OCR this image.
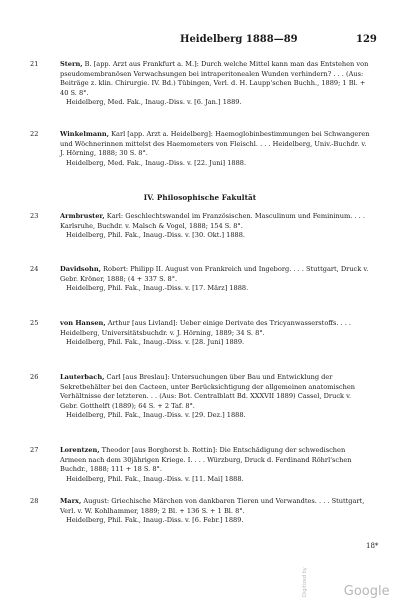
Heidelberg 1888—89	129
21	Stern, B. [app. Arzt aus Frankfurt a. M.]: Durch welche Mittel kann man das Entstehen von pseudomembranösen Verwachsungen bei intraperitonealen Wunden verhindern? . . . (Aus: Beiträge z. klin. Chirurgie. IV. Bd.) Tübingen, Verl. d. H. Laupp'schen Buchh., 1889; 1 Bl. + 40 S. 8°.
Heidelberg, Med. Fak., Inaug.-Diss. v. [6. Jan.] 1889.
22	Winkelmann, Karl [app. Arzt a. Heidelberg]: Haemoglobinbestimmungen bei Schwangeren und Wöchnerinnen mittelst des Haemometers von Fleischl. . . . Heidelberg, Univ.-Buchdr. v. J. Hörning, 1888; 30 S. 8°.
Heidelberg, Med. Fak., Inaug.-Diss. v. [22. Juni] 1888.
IV. Philosophische Fakultät
23	Armbruster, Karl: Geschlechtswandel im Französischen. Masculinum und Femininum. . . . Karlsruhe, Buchdr. v. Malsch & Vogel, 1888; 154 S. 8°.
Heidelberg, Phil. Fak., Inaug.-Diss. v. [30. Okt.] 1888.
24	Davidsohn, Robert: Philipp II. August von Frankreich und Ingeborg. . . . Stuttgart, Druck v. Gebr. Kröner, 1888; (4 + 337 S. 8°.
Heidelberg, Phil. Fak., Inaug.-Diss. v. [17. März] 1888.
25	von Hansen, Arthur [aus Livland]: Ueber einige Derivate des Tricyanwasserstoffs. . . . Heidelberg, Universitätsbuchdr. v. J. Hörning, 1889; 34 S. 8°.
Heidelberg, Phil. Fak., Inaug.-Diss. v. [28. Juni] 1889.
26	Lauterbach, Carl [aus Breslau]: Untersuchungen über Bau und Entwicklung der Sekretbehälter bei den Cacteen, unter Berücksichtigung der allgemeinen anatomischen Verhältnisse der letzteren. . . (Aus: Bot. Centralblatt Bd. XXXVII 1889) Cassel, Druck v. Gebr. Gotthelft (1889); 64 S. + 2 Taf. 8°.
Heidelberg, Phil. Fak., Inaug.-Diss. v. [29. Dez.] 1888.
27	Lorentzen, Theodor [aus Borghorst b. Rottin]: Die Entschädigung der schwedischen Armeen nach dem 30jährigen Kriege. I. . . . Würzburg, Druck d. Ferdinand Röhrl'schen Buchdr., 1888; 111 + 18 S. 8°.
Heidelberg, Phil. Fak., Inaug.-Diss. v. [11. Mai] 1888.
28	Marx, August: Griechische Märchen von dankbaren Tieren und Verwandtes. . . . Stuttgart, Verl. v. W. Kohlhammer, 1889; 2 Bl. + 136 S. + 1 Bl. 8°.
Heidelberg, Phil. Fak., Inaug.-Diss. v. [6. Febr.] 1889.
18*
Digitized by	Google
